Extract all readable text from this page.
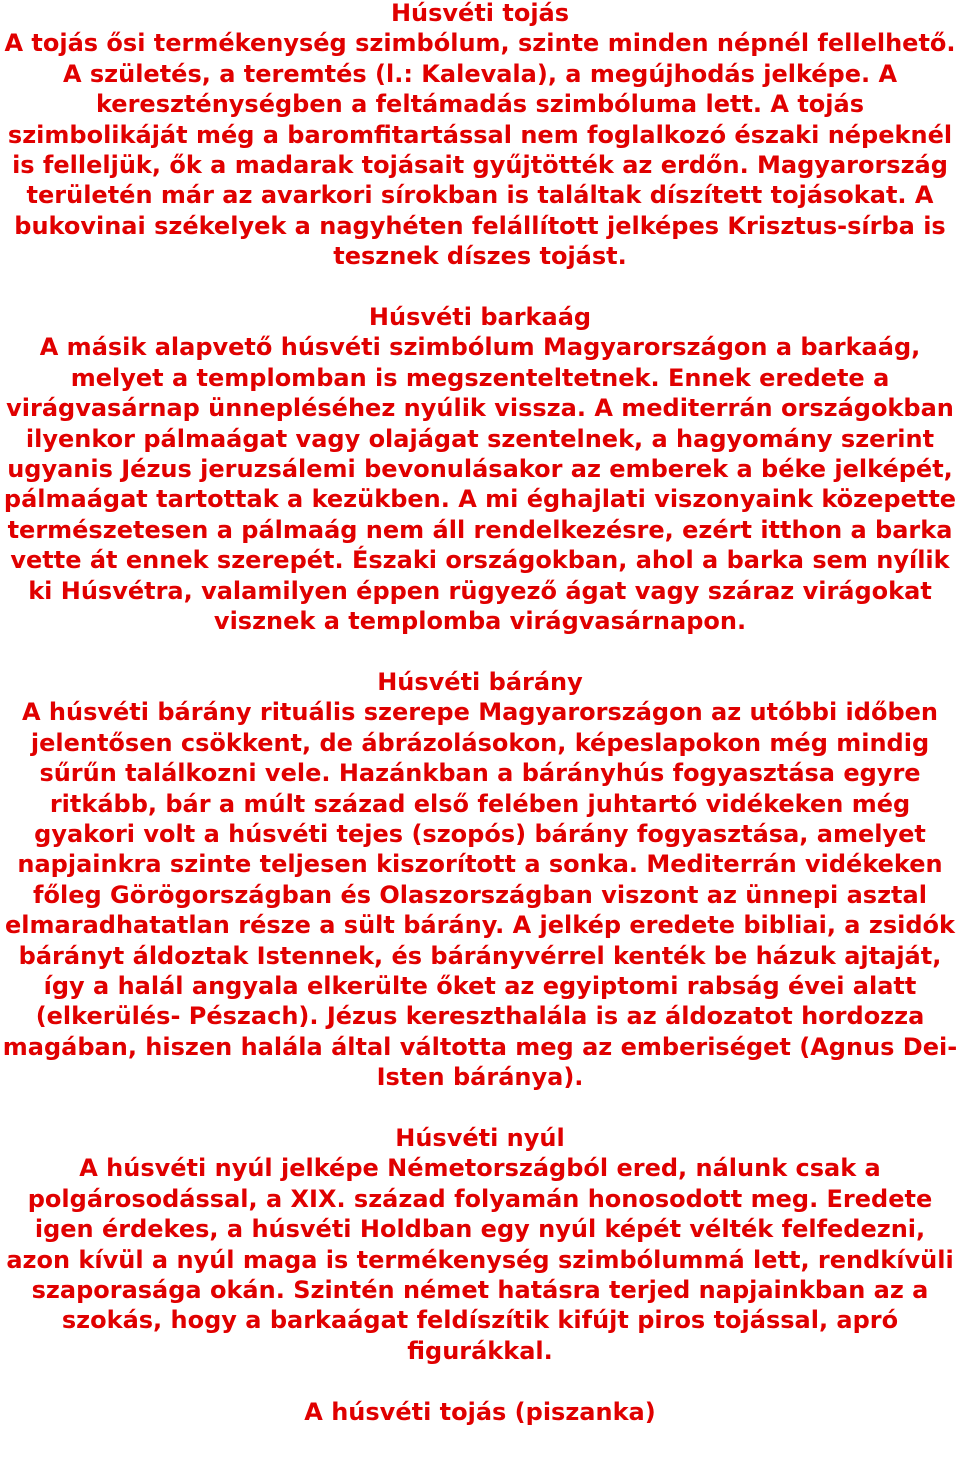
Húsvéti tojás

A tojás ősi termékenység szimbólum, szinte minden népnél fellelhető. A születés, a teremtés (l.: Kalevala), a megújhodás jelképe. A kereszténységben a feltámadás szimbóluma lett. A tojás szimbolikáját még a baromfitartással nem foglalkozó északi népeknél is felleljük, ők a madarak tojásait gyűjtötték az erdőn. Magyarország területén már az avarkori sírokban is találtak díszített tojásokat. A bukovinai székelyek a nagyhéten felállított jelképes Krisztus-sírba is tesznek díszes tojást.

Húsvéti barkaág

A másik alapvető húsvéti szimbólum Magyarországon a barkaág, melyet a templomban is megszenteltetnek. Ennek eredete a virágvasárnap ünnepléséhez nyúlik vissza. A mediterrán országokban ilyenkor pálmaágat vagy olajágat szentelnek, a hagyomány szerint ugyanis Jézus jeruzsálemi bevonulásakor az emberek a béke jelképét, pálmaágat tartottak a kezükben. A mi éghajlati viszonyaink közepette természetesen a pálmaág nem áll rendelkezésre, ezért itthon a barka vette át ennek szerepét. Északi országokban, ahol a barka sem nyílik ki Húsvétra, valamilyen éppen rügyező ágat vagy száraz virágokat visznek a templomba virágvasárnapon.

Húsvéti bárány

A húsvéti bárány rituális szerepe Magyarországon az utóbbi időben jelentősen csökkent, de ábrázolásokon, képeslapokon még mindig sűrűn találkozni vele. Hazánkban a bárányhús fogyasztása egyre ritkább, bár a múlt század első felében juhtartó vidékeken még gyakori volt a húsvéti tejes (szopós) bárány fogyasztása, amelyet napjainkra szinte teljesen kiszorított a sonka. Mediterrán vidékeken főleg Görögországban és Olaszországban viszont az ünnepi asztal elmaradhatatlan része a sült bárány. A jelkép eredete bibliai, a zsidók bárányt áldoztak Istennek, és bárányvérrel kenték be házuk ajtaját, így a halál angyala elkerülte őket az egyiptomi rabság évei alatt (elkerülés- Pészach). Jézus kereszthalála is az áldozatot hordozza magában, hiszen halála által váltotta meg az emberiséget (Agnus Dei- Isten báránya).

Húsvéti nyúl

A húsvéti nyúl jelképe Németországból ered, nálunk csak a polgárosodással, a XIX. század folyamán honosodott meg. Eredete igen érdekes, a húsvéti Holdban egy nyúl képét vélték felfedezni, azon kívül a nyúl maga is termékenység szimbólummá lett, rendkívüli szaporasága okán. Szintén német hatásra terjed napjainkban az a szokás, hogy a barkaágat feldíszítik kifújt piros tojással, apró figurákkal.

A húsvéti tojás (piszanka)
